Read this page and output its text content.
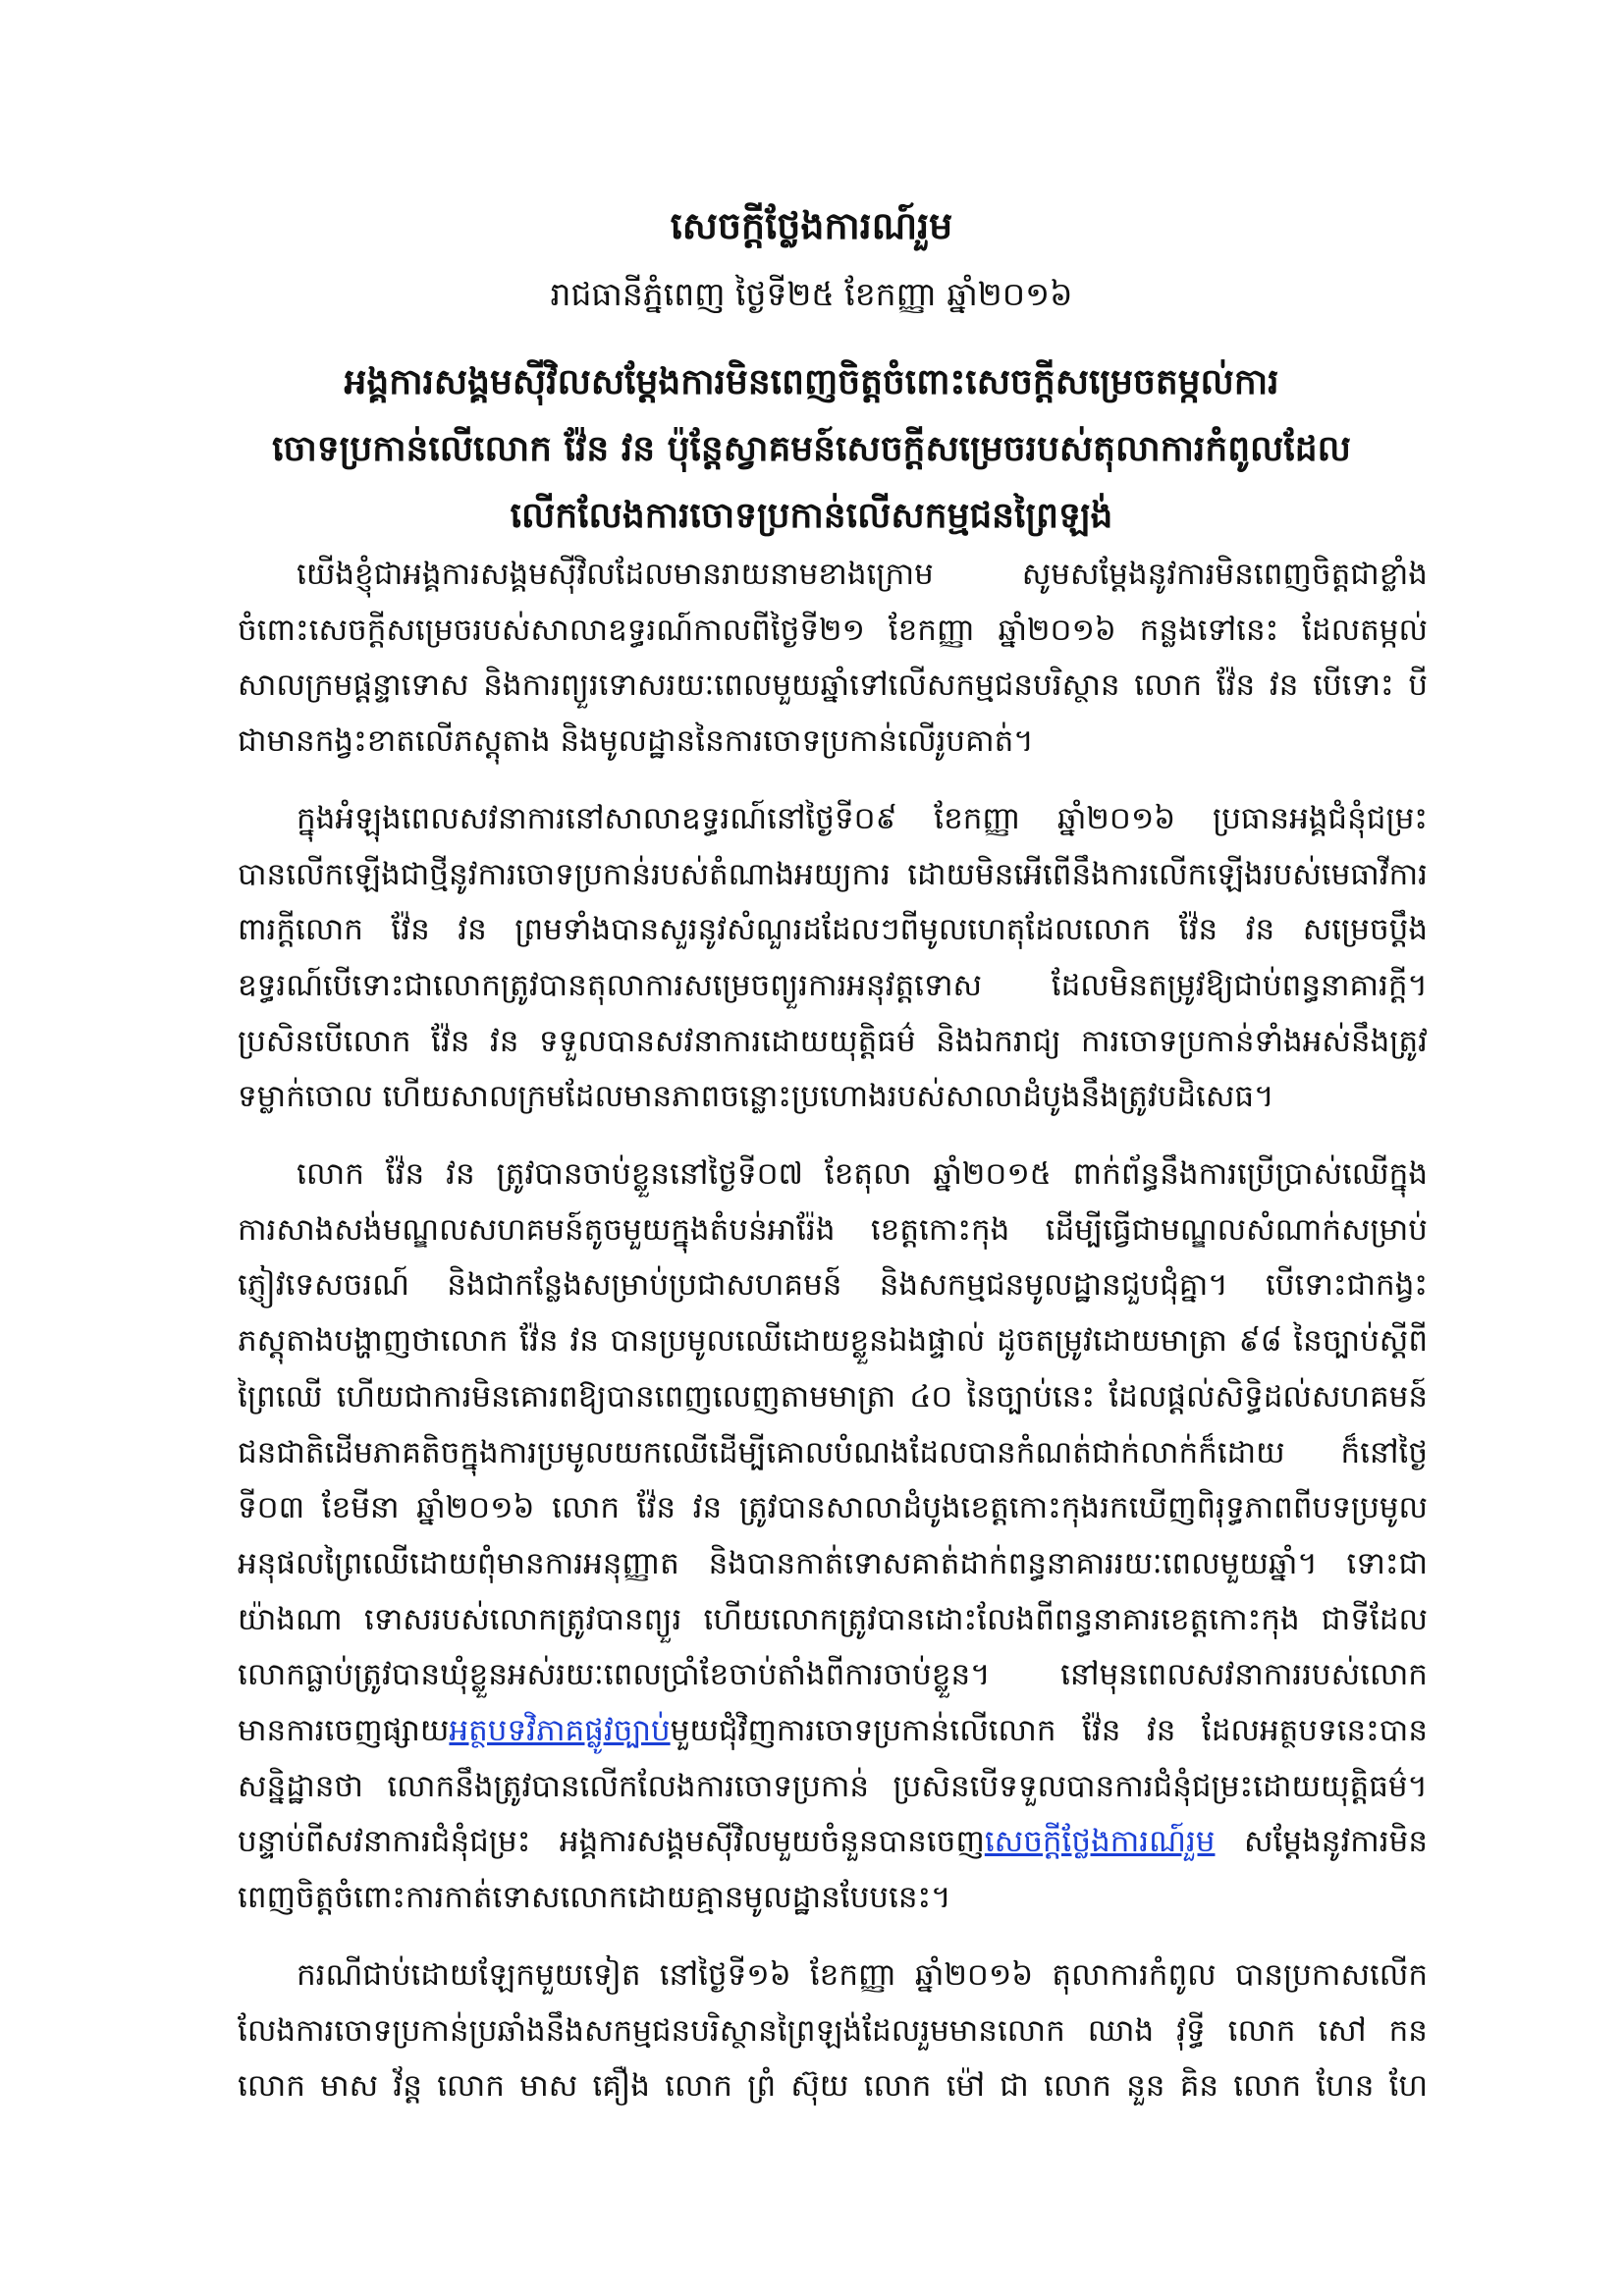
សេចក្តីថ្លែងការណ៍រួម
រាជធានីភ្នំពេញ ថ្ងៃទី២៥ ខែកញ្ញា ឆ្នាំ២០១៦
អង្គការសង្គមស៊ីវិលសម្តែងការមិនពេញចិត្តចំពោះសេចក្តីសម្រេចតម្កល់ការ
ចោទប្រកាន់លើលោក វ៉ែន វន ប៉ុន្តែស្វាគមន៍សេចក្តីសម្រេចរបស់តុលាការកំពូលដែល
លើកលែងការចោទប្រកាន់លើសកម្មជនព្រៃឡង់
យើងខ្ញុំជាអង្គការសង្គមស៊ីវិលដែលមានរាយនាមខាងក្រោម សូមសម្តែងនូវការមិនពេញចិត្តជាខ្លាំង
ចំពោះសេចក្តីសម្រេចរបស់សាលាឧទ្ធរណ៍កាលពីថ្ងៃទី២១ ខែកញ្ញា ឆ្នាំ២០១៦ កន្លងទៅនេះ ដែលតម្កល់
សាលក្រមផ្តន្ទាទោស និងការព្យួរទោសរយៈពេលមួយឆ្នាំទៅលើសកម្មជនបរិស្ថាន លោក វ៉ែន វន បើទោះ បី
ជាមានកង្វះខាតលើភស្តុតាង និងមូលដ្ឋាននៃការចោទប្រកាន់លើរូបគាត់។
ក្នុងអំឡុងពេលសវនាការនៅសាលាឧទ្ធរណ៍នៅថ្ងៃទី០៩ ខែកញ្ញា ឆ្នាំ២០១៦ ប្រធានអង្គជំនុំជម្រះ
បានលើកឡើងជាថ្មីនូវការចោទប្រកាន់របស់តំណាងអយ្យការ ដោយមិនអើពើនឹងការលើកឡើងរបស់មេធាវីការ
ពារក្តីលោក វ៉ែន វន ព្រមទាំងបានសួរនូវសំណួរដដែលៗពីមូលហេតុដែលលោក វ៉ែន វន សម្រេចប្តឹង
ឧទ្ធរណ៍បើទោះជាលោកត្រូវបានតុលាការសម្រេចព្យួរការអនុវត្តទោស ដែលមិនតម្រូវឱ្យជាប់ពន្ធនាគារក្តី។
ប្រសិនបើលោក វ៉ែន វន ទទួលបានសវនាការដោយយុត្តិធម៌ និងឯករាជ្យ ការចោទប្រកាន់ទាំងអស់នឹងត្រូវ
ទម្លាក់ចោល ហើយសាលក្រមដែលមានភាពចន្លោះប្រហោងរបស់សាលាដំបូងនឹងត្រូវបដិសេធ។
លោក វ៉ែន វន ត្រូវបានចាប់ខ្លួននៅថ្ងៃទី០៧ ខែតុលា ឆ្នាំ២០១៥ ពាក់ព័ន្ធនឹងការប្រើប្រាស់ឈើក្នុង
ការសាងសង់មណ្ឌលសហគមន៍តូចមួយក្នុងតំបន់អារ៉ែង ខេត្តកោះកុង ដើម្បីធ្វើជាមណ្ឌលសំណាក់សម្រាប់
ភ្ញៀវទេសចរណ៍ និងជាកន្លែងសម្រាប់ប្រជាសហគមន៍ និងសកម្មជនមូលដ្ឋានជួបជុំគ្នា។ បើទោះជាកង្វះ
ភស្តុតាងបង្ហាញថាលោក វ៉ែន វន បានប្រមូលឈើដោយខ្លួនឯងផ្ទាល់ ដូចតម្រូវដោយមាត្រា ៩៨ នៃច្បាប់ស្តីពី
ព្រៃឈើ ហើយជាការមិនគោរពឱ្យបានពេញលេញតាមមាត្រា ៤០ នៃច្បាប់នេះ ដែលផ្តល់សិទ្ធិដល់សហគមន៍
ជនជាតិដើមភាគតិចក្នុងការប្រមូលយកឈើដើម្បីគោលបំណងដែលបានកំណត់ជាក់លាក់ក៏ដោយ ក៏នៅថ្ងៃ
ទី០៣ ខែមីនា ឆ្នាំ២០១៦ លោក វ៉ែន វន ត្រូវបានសាលាដំបូងខេត្តកោះកុងរកឃើញពិរុទ្ធភាពពីបទប្រមូល
អនុផលព្រៃឈើដោយពុំមានការអនុញ្ញាត និងបានកាត់ទោសគាត់ដាក់ពន្ធនាគាររយៈពេលមួយឆ្នាំ។ ទោះជា
យ៉ាងណា ទោសរបស់លោកត្រូវបានព្យួរ ហើយលោកត្រូវបានដោះលែងពីពន្ធនាគារខេត្តកោះកុង ជាទីដែល
លោកធ្លាប់ត្រូវបានឃុំខ្លួនអស់រយៈពេលប្រាំខែចាប់តាំងពីការចាប់ខ្លួន។ នៅមុនពេលសវនាការរបស់លោក
មានការចេញផ្សាយអត្ថបទវិភាគផ្លូវច្បាប់មួយជុំវិញការចោទប្រកាន់លើលោក វ៉ែន វន ដែលអត្ថបទនេះបាន
សន្និដ្ឋានថា លោកនឹងត្រូវបានលើកលែងការចោទប្រកាន់ ប្រសិនបើទទួលបានការជំនុំជម្រះដោយយុត្តិធម៌។
បន្ទាប់ពីសវនាការជំនុំជម្រះ អង្គការសង្គមស៊ីវិលមួយចំនួនបានចេញសេចក្តីថ្លែងការណ៍រួម សម្តែងនូវការមិន
ពេញចិត្តចំពោះការកាត់ទោសលោកដោយគ្មានមូលដ្ឋានបែបនេះ។
ករណីជាប់ដោយឡែកមួយទៀត នៅថ្ងៃទី១៦ ខែកញ្ញា ឆ្នាំ២០១៦ តុលាការកំពូល បានប្រកាសលើក
លែងការចោទប្រកាន់ប្រឆាំងនឹងសកម្មជនបរិស្ថានព្រៃឡង់ដែលរួមមានលោក ឈាង វុទ្ធី លោក សៅ កន
លោក មាស វ័ន្ត លោក មាស គឿង លោក ព្រំ ស៊ុយ លោក ម៉ៅ ជា លោក នួន គិន លោក ហែន ហែ
